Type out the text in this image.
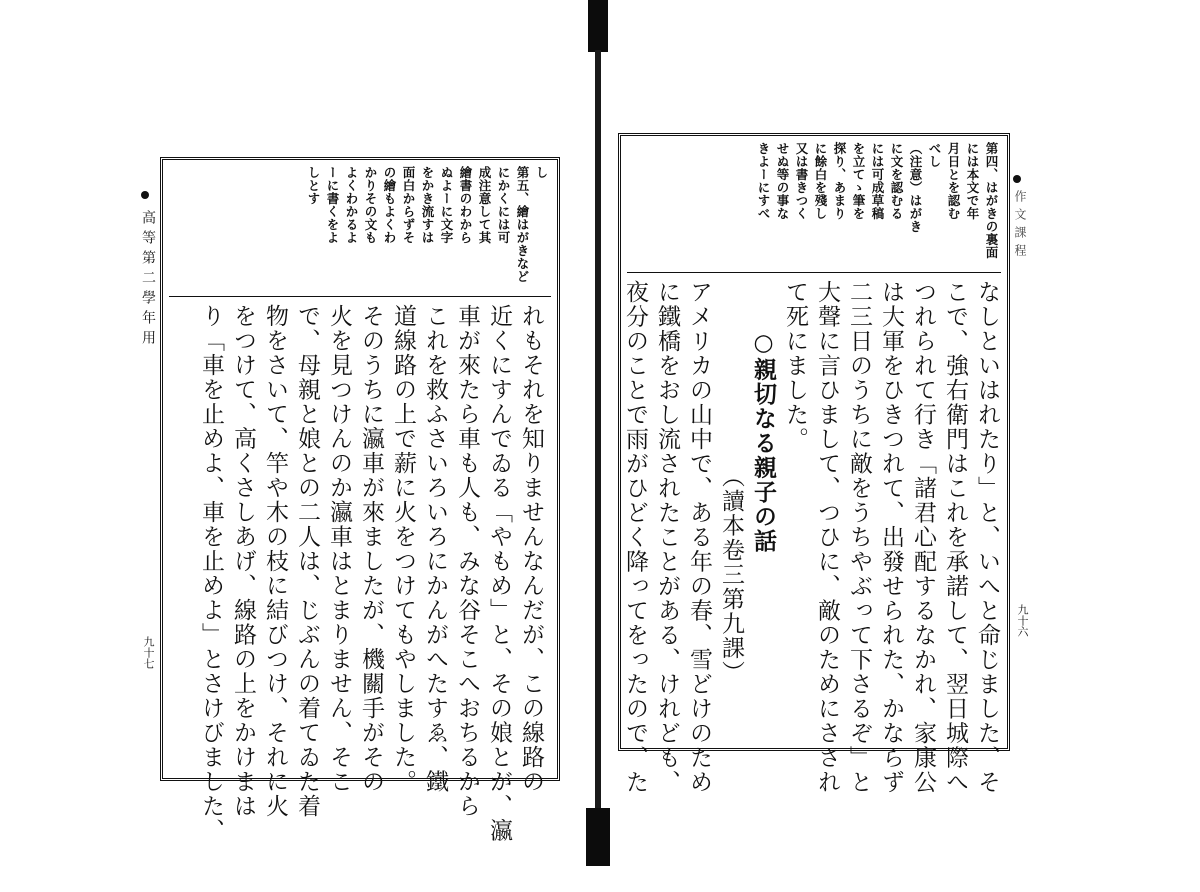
高等第二學年用
九十七
し
第五、繪はがきなど
にかくには可
成注意して其
繪書のわから
ぬよーに文字
をかき流すは
面白からずそ
の繪もよくわ
かりその文も
よくわかるよ
ーに書くをよ
しとす
れもそれを知りませんなんだが、この線路の
近くにすんでゐる「やもめ」と、その娘とが、瀛
車が來たら車も人も、みな谷そこへおちるから
これを救ふさいろいろにかんがへたすゑ、鐵
道線路の上で薪に火をつけてもやしました。
そのうちに瀛車が來ましたが、機關手がその
火を見つけんのか瀛車はとまりません、そこ
で、母親と娘との二人は、じぶんの着てゐた着
物をさいて、竿や木の枝に結びつけ、それに火
をつけて、高くさしあげ、線路の上をかけまは
り「車を止めよ、車を止めよ」とさけびました、
作文課程
九十六
第四、はがきの裏面
には本文で年
月日とを認む
べし
（注意）はがき
に文を認むる
には可成草稿
を立てゝ筆を
探り、あまり
に餘白を殘し
又は書きつく
せぬ等の事な
きよーにすべ
なしといはれたり」と、いへと命じました、そ
こで、強右衛門はこれを承諾して、翌日城際へ
つれられて行き「諸君心配するなかれ、家康公
は大軍をひきつれて、出發せられた、かならず
二三日のうちに敵をうちやぶって下さるぞ」と
大聲に言ひまして、つひに、敵のためにさされ
て死にました。
　　○親切なる親子の話
　　　　　　　　（讀本卷三第九課）
アメリカの山中で、ある年の春、雪どけのため
に鐵橋をおし流されたことがある、けれども、
夜分のことで雨がひどく降ってをったので、た
